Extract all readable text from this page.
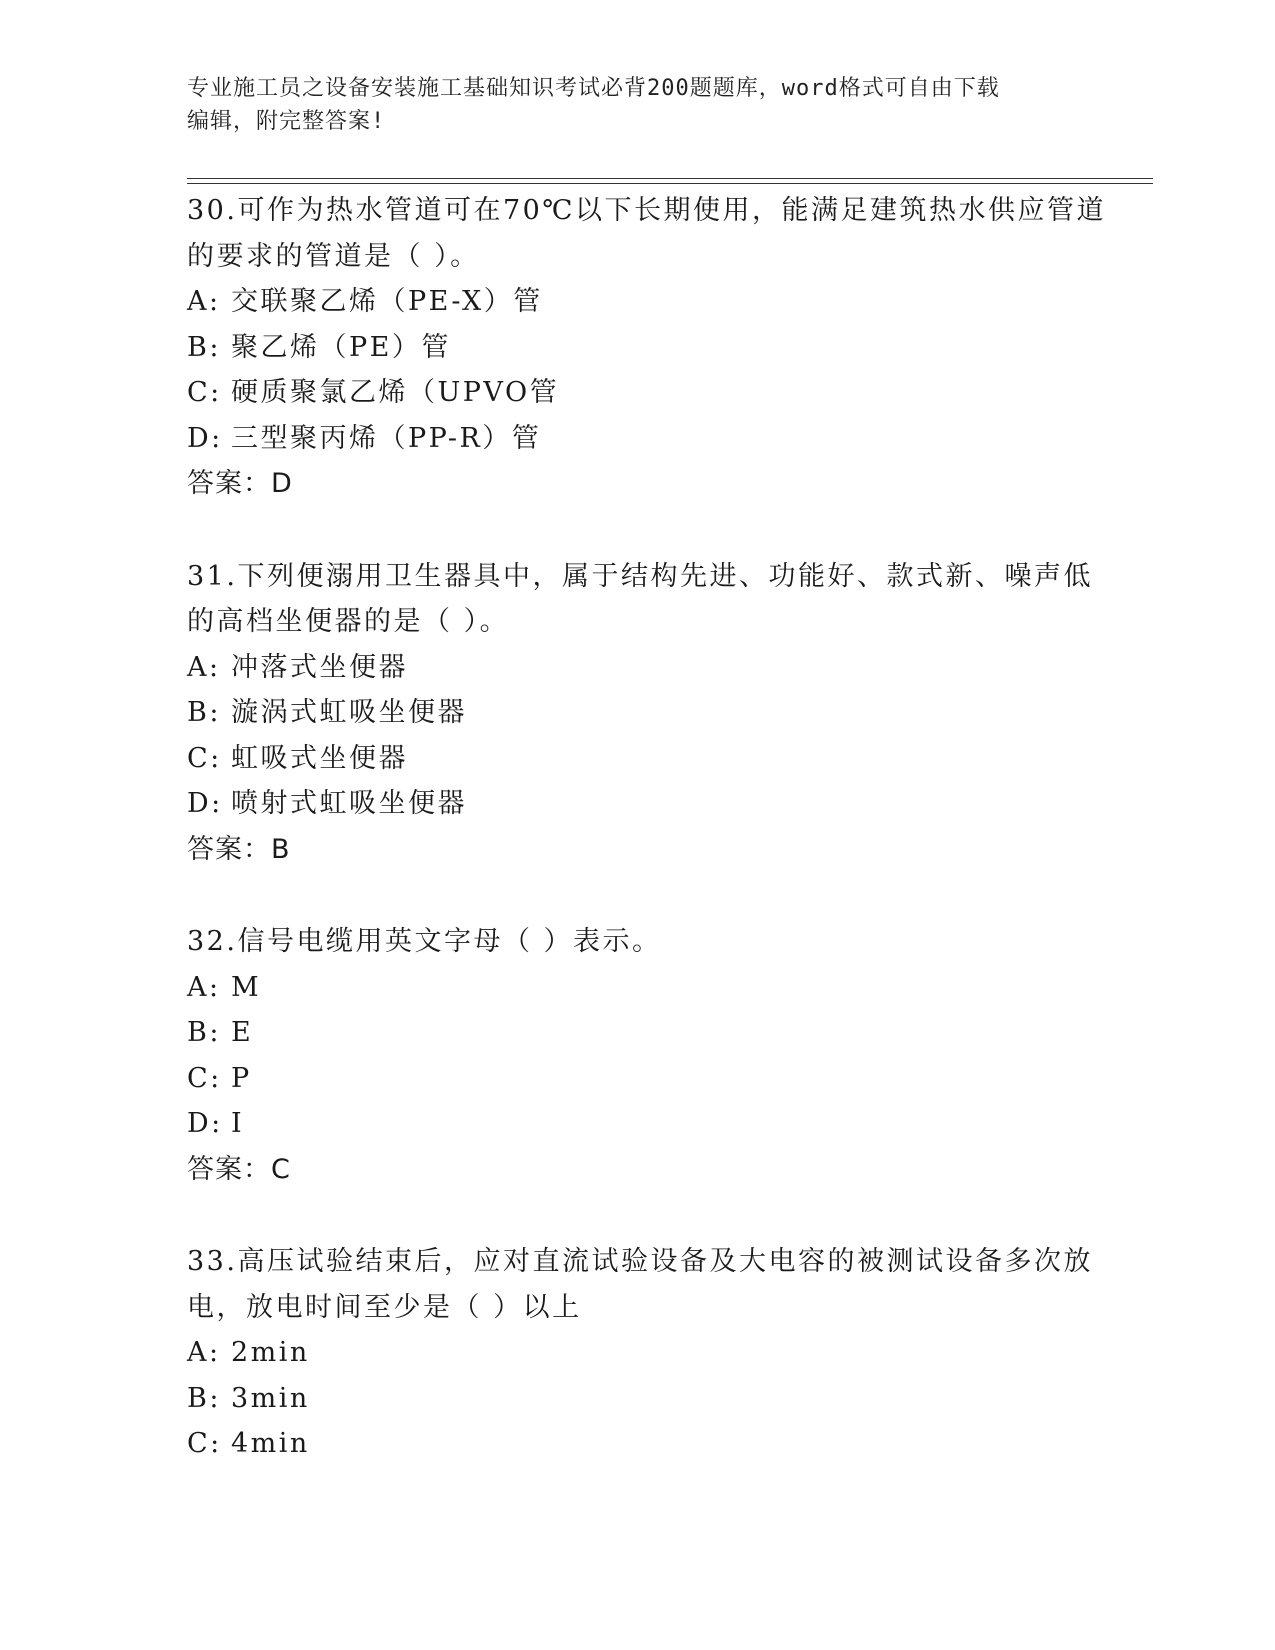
专业施工员之设备安装施工基础知识考试必背200题题库，word格式可自由下载
编辑，附完整答案!
30.可作为热水管道可在70℃以下长期使用，能满足建筑热水供应管道
的要求的管道是（ ）。
A: 交联聚乙烯（PE-X）管
B: 聚乙烯（PE）管
C: 硬质聚氯乙烯（UPVO管
D: 三型聚丙烯（PP-R）管
答案：D
31.下列便溺用卫生器具中，属于结构先进、功能好、款式新、噪声低
的高档坐便器的是（ ）。
A: 冲落式坐便器
B: 漩涡式虹吸坐便器
C: 虹吸式坐便器
D: 喷射式虹吸坐便器
答案：B
32.信号电缆用英文字母（ ）表示。
A: M
B: E
C: P
D: I
答案：C
33.高压试验结束后，应对直流试验设备及大电容的被测试设备多次放
电，放电时间至少是（ ）以上
A: 2min
B: 3min
C: 4min
